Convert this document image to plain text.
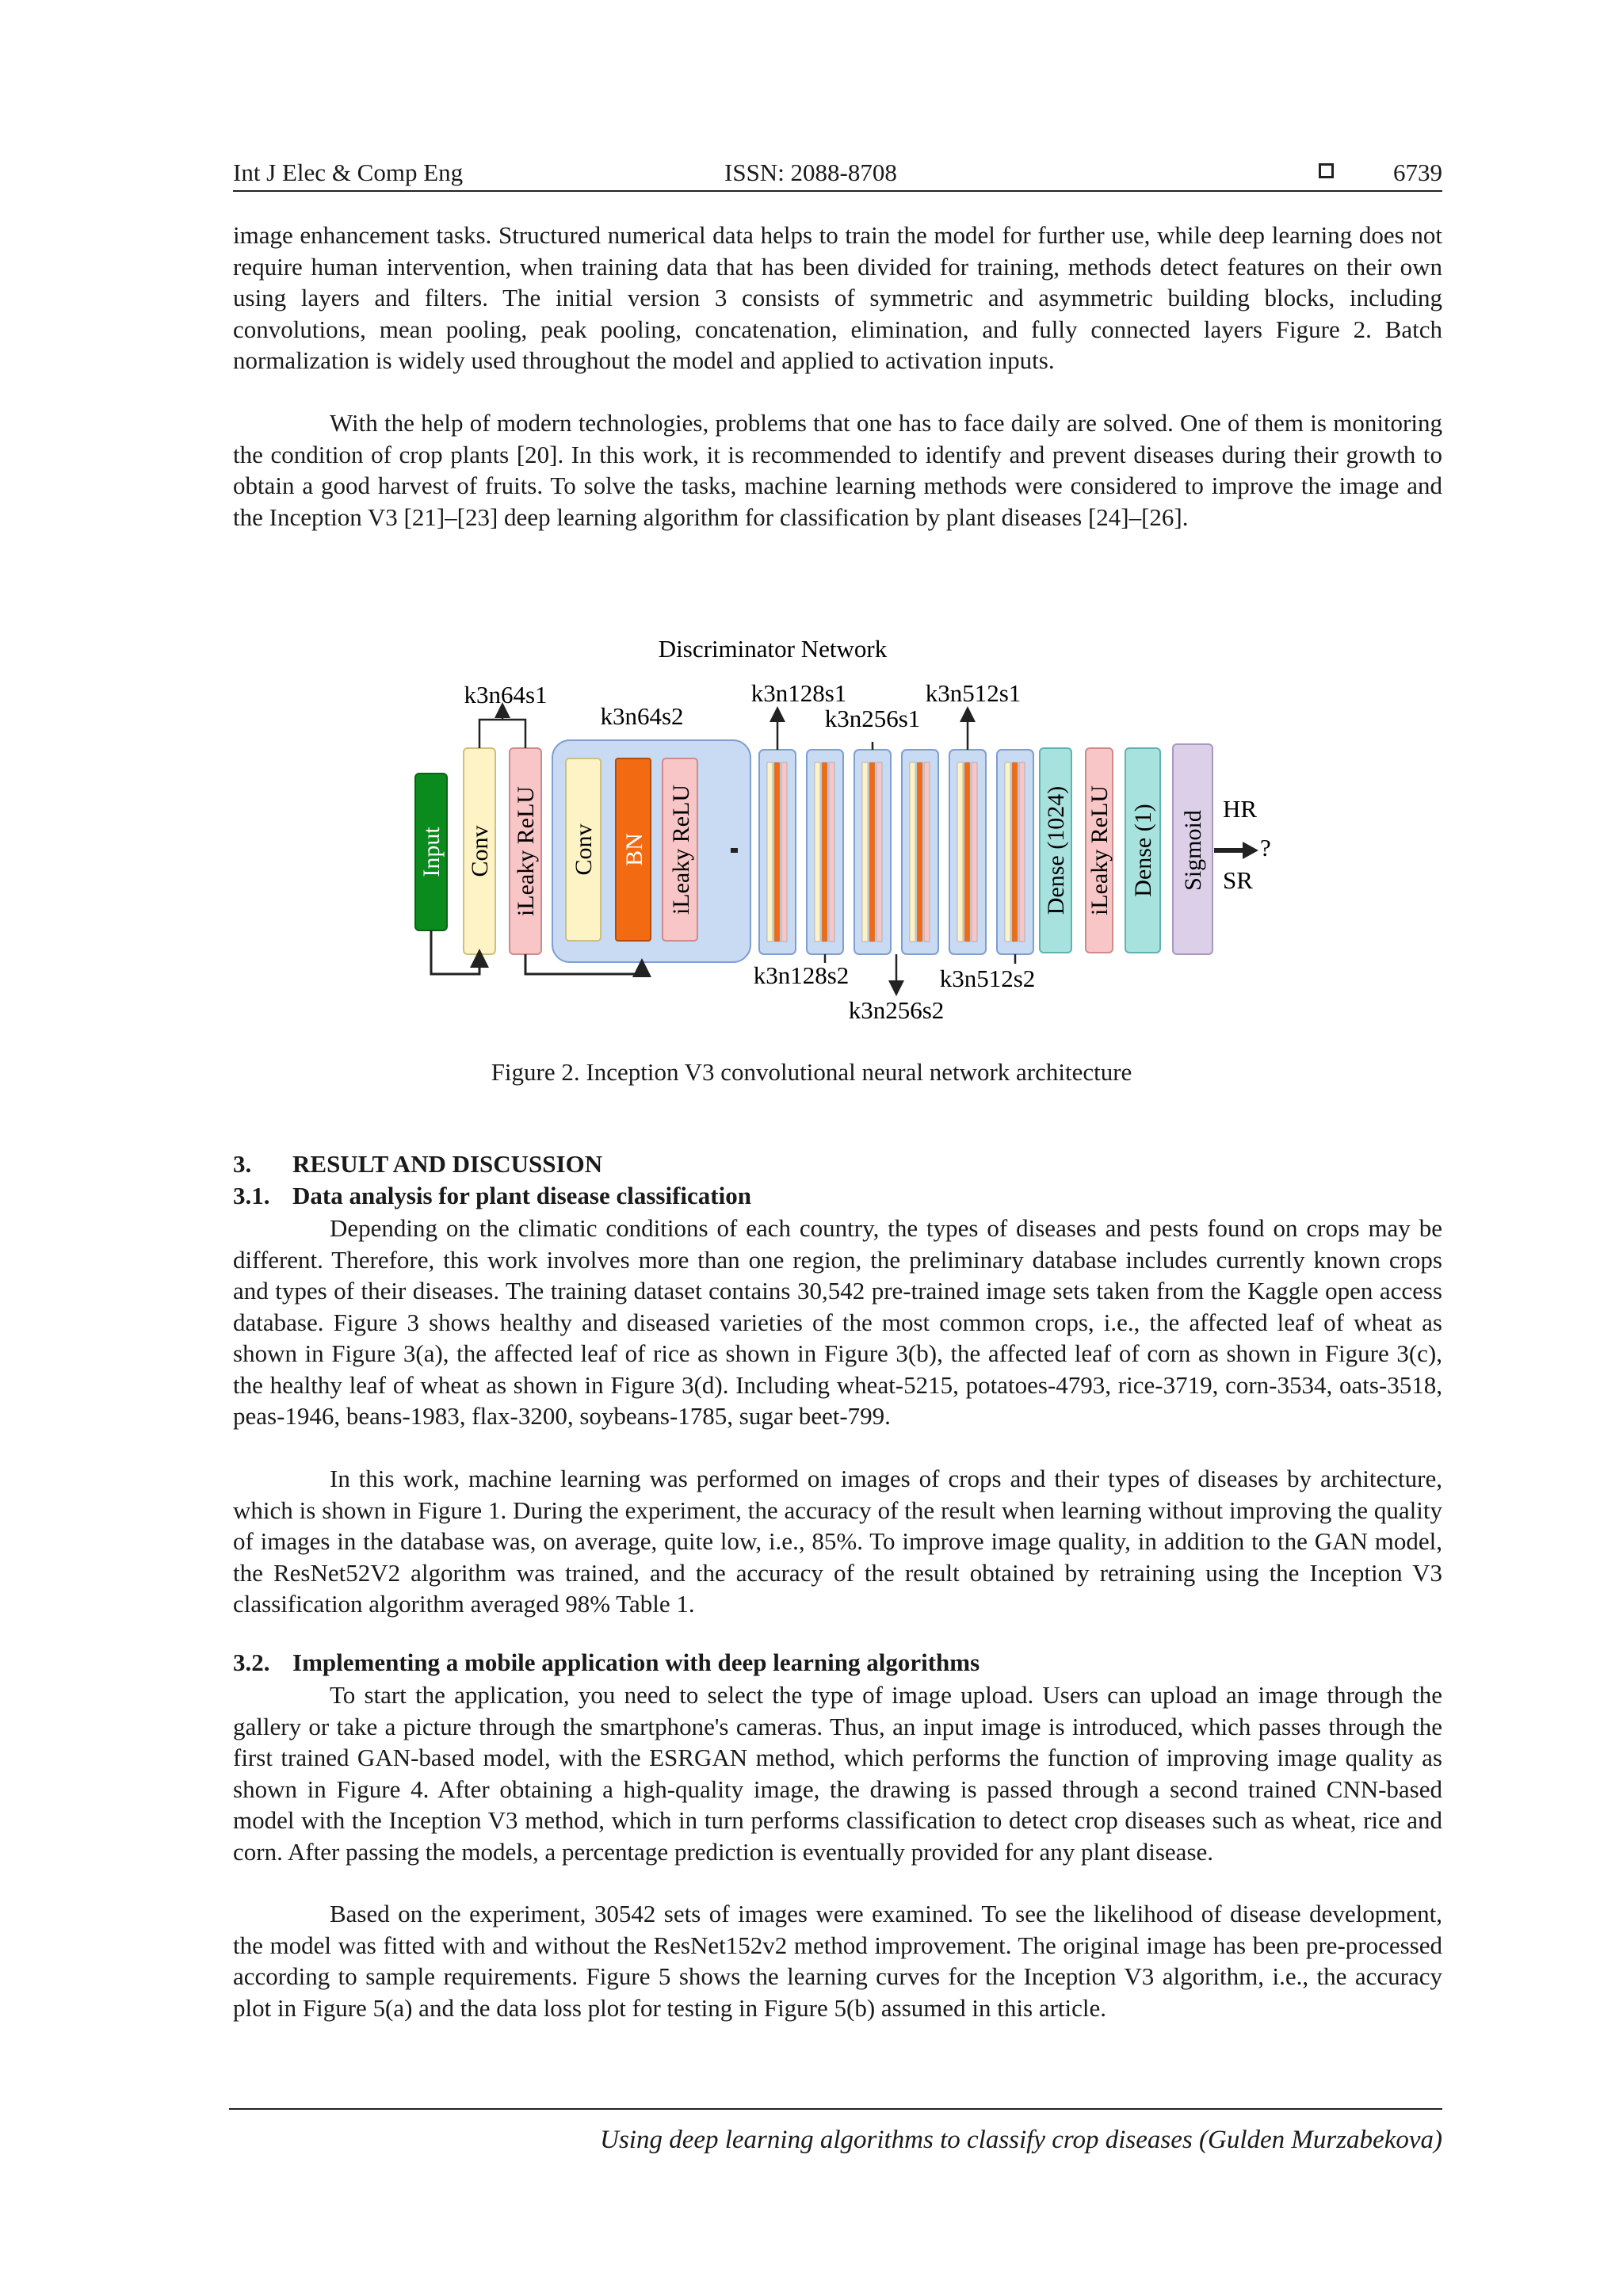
Int J Elec & Comp Eng	ISSN: 2088-8708	6739

image enhancement tasks. Structured numerical data helps to train the model for further use, while deep learning does not require human intervention, when training data that has been divided for training, methods detect features on their own using layers and filters. The initial version 3 consists of symmetric and asymmetric building blocks, including convolutions, mean pooling, peak pooling, concatenation, elimination, and fully connected layers Figure 2. Batch normalization is widely used throughout the model and applied to activation inputs.

With the help of modern technologies, problems that one has to face daily are solved. One of them is monitoring the condition of crop plants [20]. In this work, it is recommended to identify and prevent diseases during their growth to obtain a good harvest of fruits. To solve the tasks, machine learning methods were considered to improve the image and the Inception V3 [21]–[23] deep learning algorithm for classification by plant diseases [24]–[26].

Discriminator Network
Input Conv iLeaky ReLU
k3n64s1
k3n64s2
Conv BN iLeaky ReLU
k3n128s1
k3n256s1
k3n512s1
k3n128s2
k3n256s2
k3n512s2
Dense (1024) iLeaky ReLU Dense (1) Sigmoid
HR
SR
?
Figure 2. Inception V3 convolutional neural network architecture
3. RESULT AND DISCUSSION
3.1. Data analysis for plant disease classification

Depending on the climatic conditions of each country, the types of diseases and pests found on crops may be different. Therefore, this work involves more than one region, the preliminary database includes currently known crops and types of their diseases. The training dataset contains 30,542 pre-trained image sets taken from the Kaggle open access database. Figure 3 shows healthy and diseased varieties of the most common crops, i.e., the affected leaf of wheat as shown in Figure 3(a), the affected leaf of rice as shown in Figure 3(b), the affected leaf of corn as shown in Figure 3(c), the healthy leaf of wheat as shown in Figure 3(d). Including wheat-5215, potatoes-4793, rice-3719, corn-3534, oats-3518, peas-1946, beans-1983, flax-3200, soybeans-1785, sugar beet-799.

In this work, machine learning was performed on images of crops and their types of diseases by architecture, which is shown in Figure 1. During the experiment, the accuracy of the result when learning without improving the quality of images in the database was, on average, quite low, i.e., 85%. To improve image quality, in addition to the GAN model, the ResNet52V2 algorithm was trained, and the accuracy of the result obtained by retraining using the Inception V3 classification algorithm averaged 98% Table 1.

3.2. Implementing a mobile application with deep learning algorithms

To start the application, you need to select the type of image upload. Users can upload an image through the gallery or take a picture through the smartphone's cameras. Thus, an input image is introduced, which passes through the first trained GAN-based model, with the ESRGAN method, which performs the function of improving image quality as shown in Figure 4. After obtaining a high-quality image, the drawing is passed through a second trained CNN-based model with the Inception V3 method, which in turn performs classification to detect crop diseases such as wheat, rice and corn. After passing the models, a percentage prediction is eventually provided for any plant disease.

Based on the experiment, 30542 sets of images were examined. To see the likelihood of disease development, the model was fitted with and without the ResNet152v2 method improvement. The original image has been pre-processed according to sample requirements. Figure 5 shows the learning curves for the Inception V3 algorithm, i.e., the accuracy plot in Figure 5(a) and the data loss plot for testing in Figure 5(b) assumed in this article.

Using deep learning algorithms to classify crop diseases (Gulden Murzabekova)
